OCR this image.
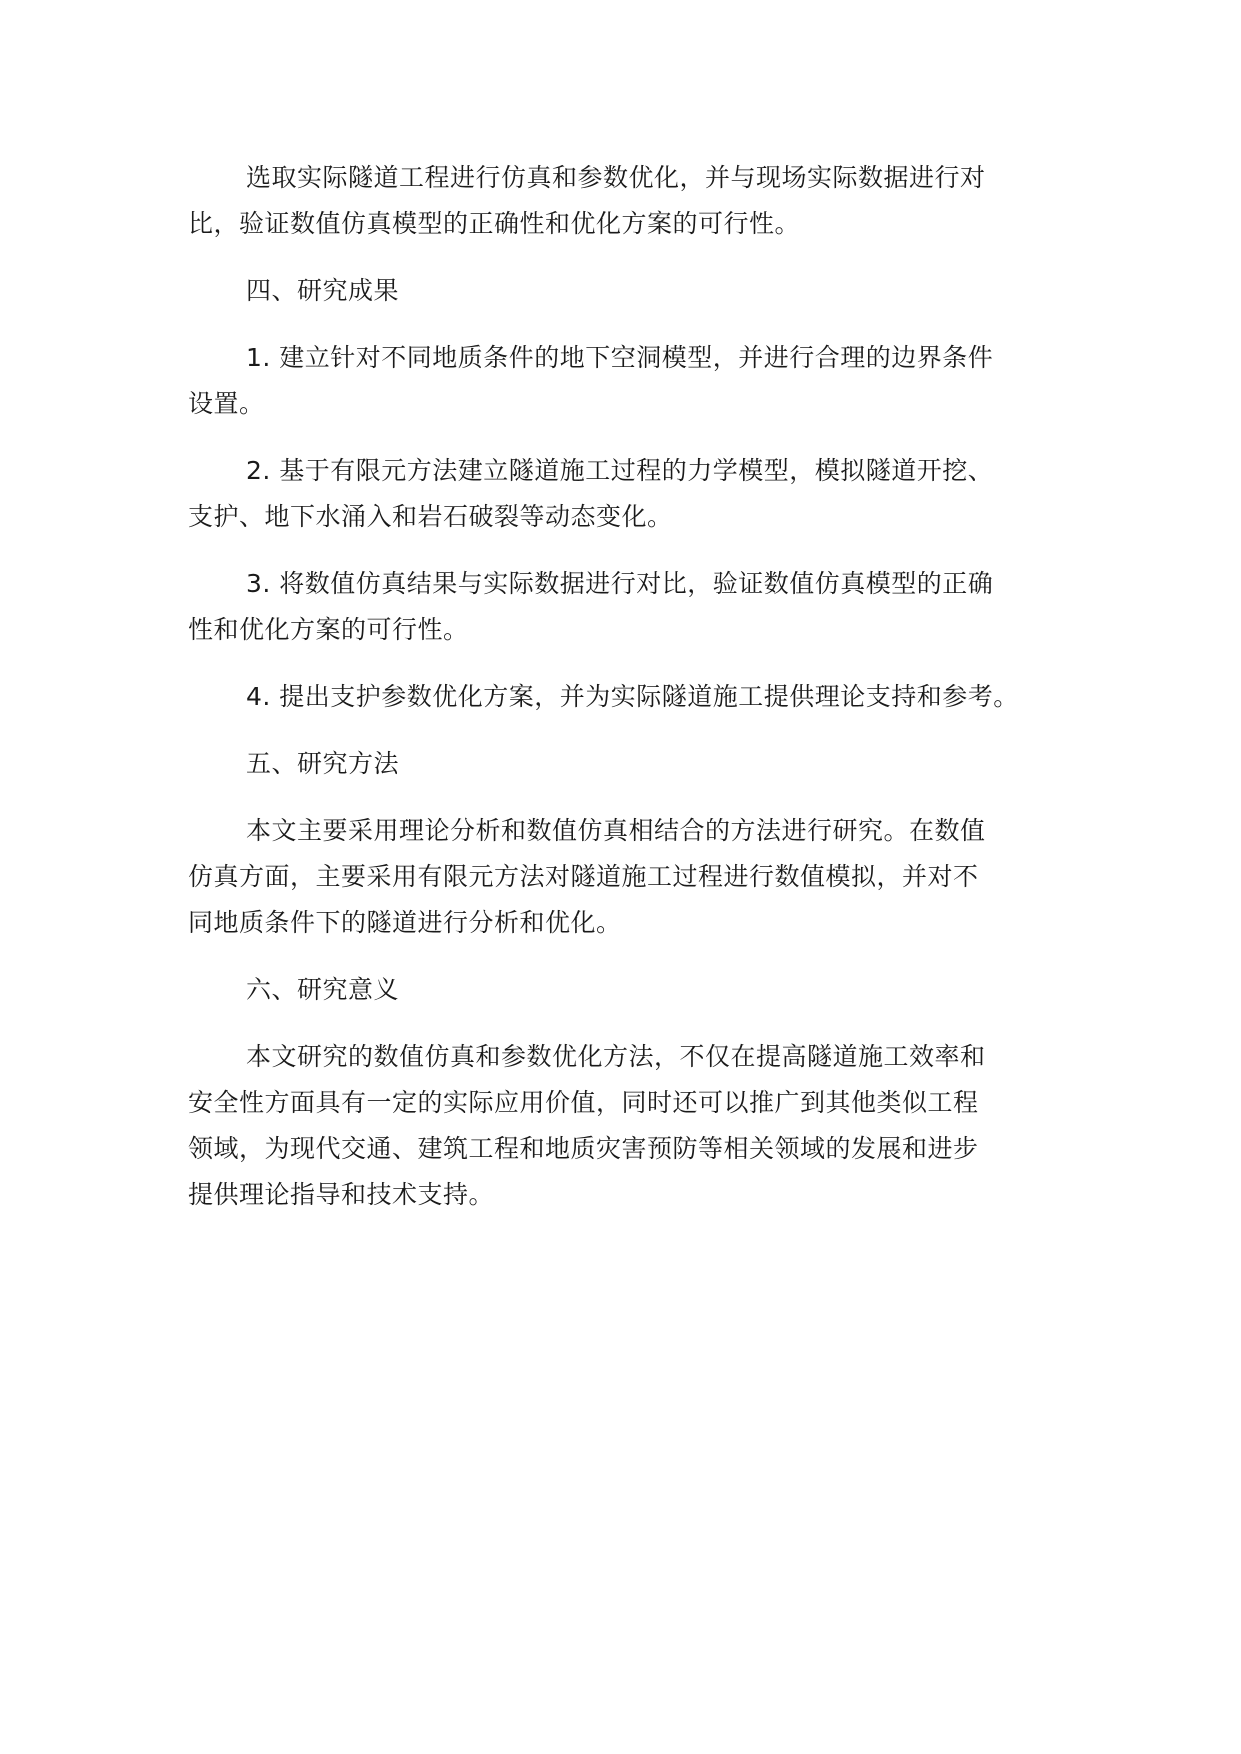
选取实际隧道工程进行仿真和参数优化，并与现场实际数据进行对
比，验证数值仿真模型的正确性和优化方案的可行性。

四、研究成果

1. 建立针对不同地质条件的地下空洞模型，并进行合理的边界条件
设置。

2. 基于有限元方法建立隧道施工过程的力学模型，模拟隧道开挖、
支护、地下水涌入和岩石破裂等动态变化。

3. 将数值仿真结果与实际数据进行对比，验证数值仿真模型的正确
性和优化方案的可行性。

4. 提出支护参数优化方案，并为实际隧道施工提供理论支持和参考。

五、研究方法

本文主要采用理论分析和数值仿真相结合的方法进行研究。在数值
仿真方面，主要采用有限元方法对隧道施工过程进行数值模拟，并对不
同地质条件下的隧道进行分析和优化。

六、研究意义

本文研究的数值仿真和参数优化方法，不仅在提高隧道施工效率和
安全性方面具有一定的实际应用价值，同时还可以推广到其他类似工程
领域，为现代交通、建筑工程和地质灾害预防等相关领域的发展和进步
提供理论指导和技术支持。
